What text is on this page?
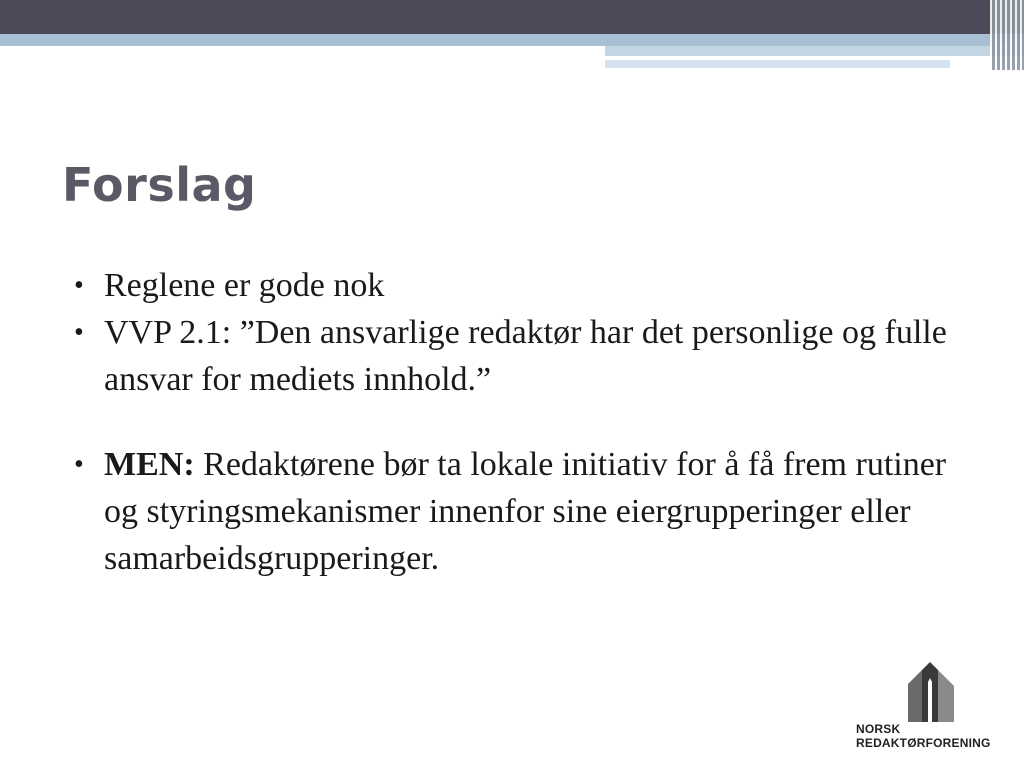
Forslag
• Reglene er gode nok
• VVP 2.1: ”Den ansvarlige redaktør har det personlige og fulle ansvar for mediets innhold.”
• MEN: Redaktørene bør ta lokale initiativ for å få frem rutiner og styringsmekanismer innenfor sine eiergrupperinger eller samarbeidsgrupperinger.
NORSK
REDAKTØRFORENING
